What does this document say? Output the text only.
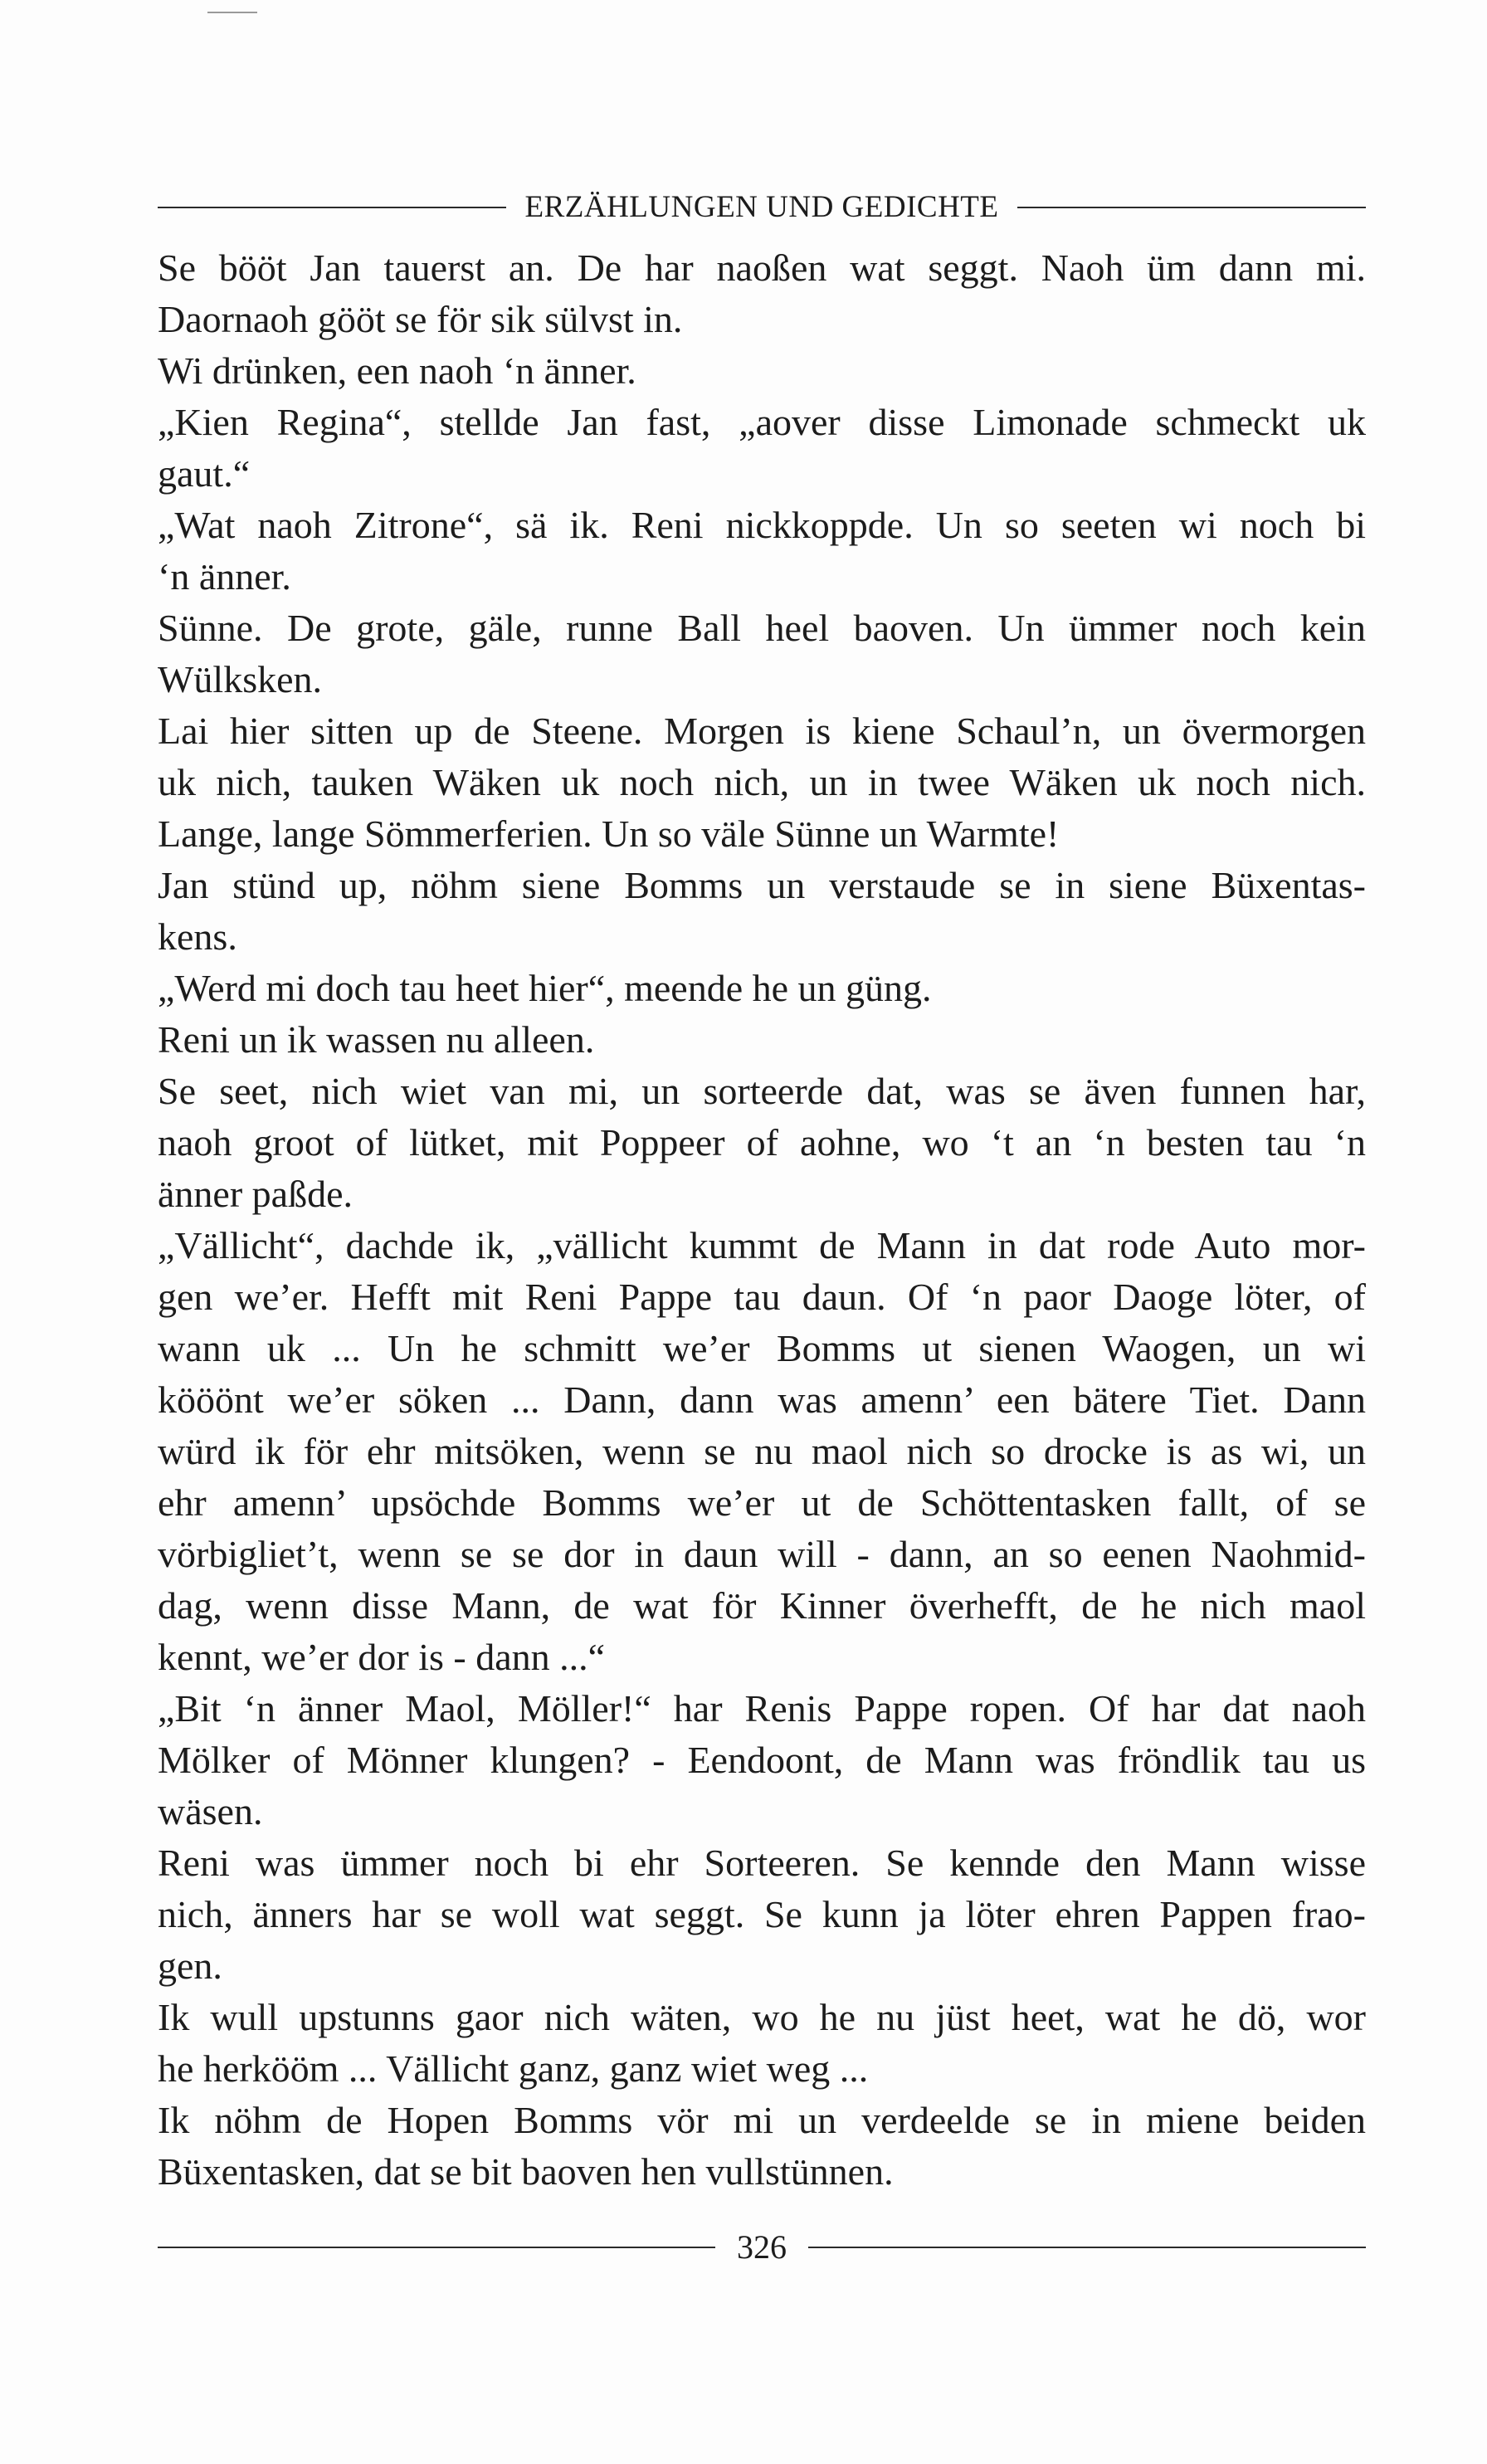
ERZÄHLUNGEN UND GEDICHTE
Se bööt Jan tauerst an. De har naoßen wat seggt. Naoh üm dann mi.
Daornaoh gööt se för sik sülvst in.
Wi drünken, een naoh ‘n änner.
„Kien Regina“, stellde Jan fast, „aover disse Limonade schmeckt uk
gaut.“
„Wat naoh Zitrone“, sä ik. Reni nickkoppde. Un so seeten wi noch bi
‘n änner.
Sünne. De grote, gäle, runne Ball heel baoven. Un ümmer noch kein
Wülksken.
Lai hier sitten up de Steene. Morgen is kiene Schaul’n, un övermorgen
uk nich, tauken Wäken uk noch nich, un in twee Wäken uk noch nich.
Lange, lange Sömmerferien. Un so väle Sünne un Warmte!
Jan stünd up, nöhm siene Bomms un verstaude se in siene Büxentas-
kens.
„Werd mi doch tau heet hier“, meende he un güng.
Reni un ik wassen nu alleen.
Se seet, nich wiet van mi, un sorteerde dat, was se även funnen har,
naoh groot of lütket, mit Poppeer of aohne, wo ‘t an ‘n besten tau ‘n
änner paßde.
„Vällicht“, dachde ik, „vällicht kummt de Mann in dat rode Auto mor-
gen we’er. Hefft mit Reni Pappe tau daun. Of ‘n paor Daoge löter, of
wann uk ... Un he schmitt we’er Bomms ut sienen Waogen, un wi
kööönt we’er söken ... Dann, dann was amenn’ een bätere Tiet. Dann
würd ik för ehr mitsöken, wenn se nu maol nich so drocke is as wi, un
ehr amenn’ upsöchde Bomms we’er ut de Schöttentasken fallt, of se
vörbigliet’t, wenn se se dor in daun will - dann, an so eenen Naohmid-
dag, wenn disse Mann, de wat för Kinner överhefft, de he nich maol
kennt, we’er dor is - dann ...“
„Bit ‘n änner Maol, Möller!“ har Renis Pappe ropen. Of har dat naoh
Mölker of Mönner klungen? - Eendoont, de Mann was fröndlik tau us
wäsen.
Reni was ümmer noch bi ehr Sorteeren. Se kennde den Mann wisse
nich, änners har se woll wat seggt. Se kunn ja löter ehren Pappen frao-
gen.
Ik wull upstunns gaor nich wäten, wo he nu jüst heet, wat he dö, wor
he herkööm ... Vällicht ganz, ganz wiet weg ...
Ik nöhm de Hopen Bomms vör mi un verdeelde se in miene beiden
Büxentasken, dat se bit baoven hen vullstünnen.
326
